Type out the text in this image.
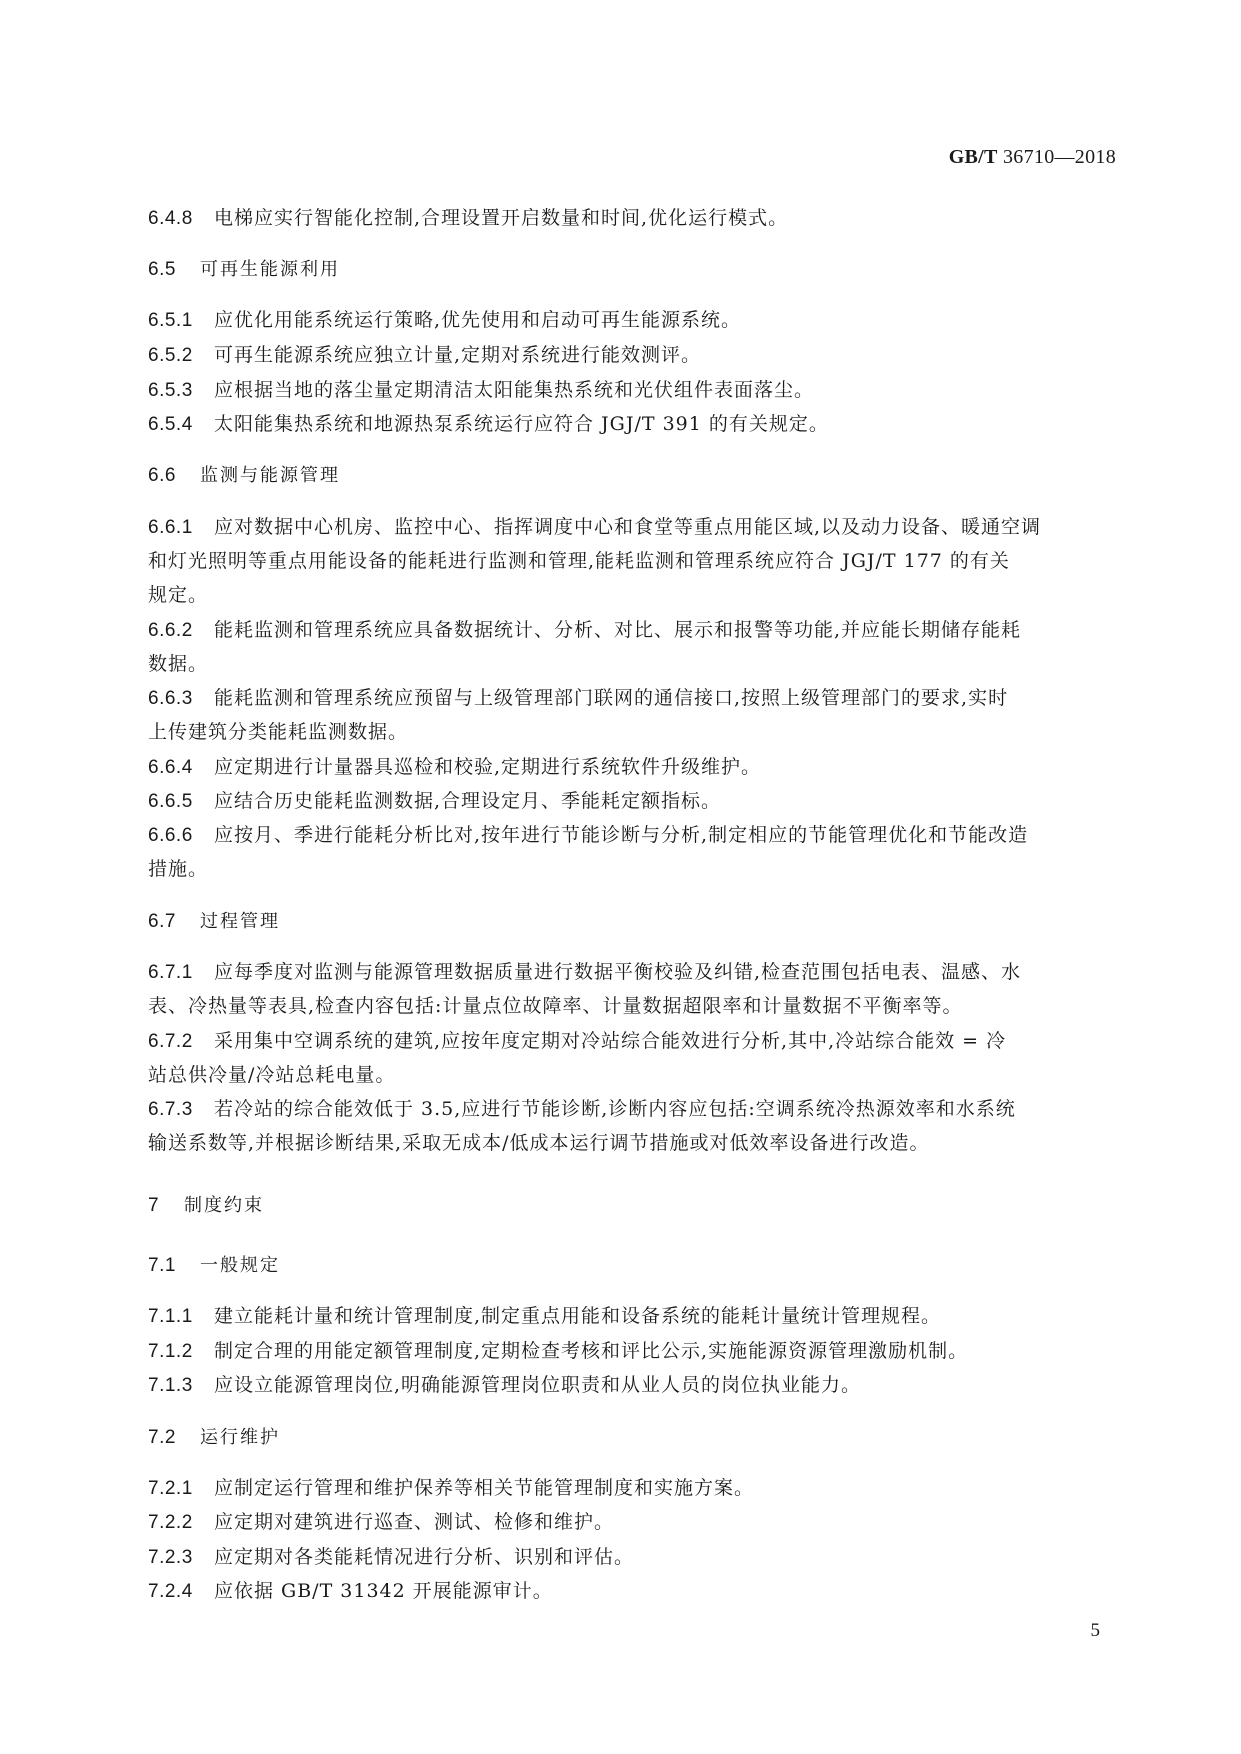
GB/T 36710—2018
6.4.8 电梯应实行智能化控制,合理设置开启数量和时间,优化运行模式。
6.5 可再生能源利用
6.5.1 应优化用能系统运行策略,优先使用和启动可再生能源系统。
6.5.2 可再生能源系统应独立计量,定期对系统进行能效测评。
6.5.3 应根据当地的落尘量定期清洁太阳能集热系统和光伏组件表面落尘。
6.5.4 太阳能集热系统和地源热泵系统运行应符合 JGJ/T 391 的有关规定。
6.6 监测与能源管理
6.6.1 应对数据中心机房、监控中心、指挥调度中心和食堂等重点用能区域,以及动力设备、暖通空调
和灯光照明等重点用能设备的能耗进行监测和管理,能耗监测和管理系统应符合 JGJ/T 177 的有关
规定。
6.6.2 能耗监测和管理系统应具备数据统计、分析、对比、展示和报警等功能,并应能长期储存能耗
数据。
6.6.3 能耗监测和管理系统应预留与上级管理部门联网的通信接口,按照上级管理部门的要求,实时
上传建筑分类能耗监测数据。
6.6.4 应定期进行计量器具巡检和校验,定期进行系统软件升级维护。
6.6.5 应结合历史能耗监测数据,合理设定月、季能耗定额指标。
6.6.6 应按月、季进行能耗分析比对,按年进行节能诊断与分析,制定相应的节能管理优化和节能改造
措施。
6.7 过程管理
6.7.1 应每季度对监测与能源管理数据质量进行数据平衡校验及纠错,检查范围包括电表、温感、水
表、冷热量等表具,检查内容包括:计量点位故障率、计量数据超限率和计量数据不平衡率等。
6.7.2 采用集中空调系统的建筑,应按年度定期对冷站综合能效进行分析,其中,冷站综合能效 = 冷
站总供冷量/冷站总耗电量。
6.7.3 若冷站的综合能效低于 3.5,应进行节能诊断,诊断内容应包括:空调系统冷热源效率和水系统
输送系数等,并根据诊断结果,采取无成本/低成本运行调节措施或对低效率设备进行改造。
7 制度约束
7.1 一般规定
7.1.1 建立能耗计量和统计管理制度,制定重点用能和设备系统的能耗计量统计管理规程。
7.1.2 制定合理的用能定额管理制度,定期检查考核和评比公示,实施能源资源管理激励机制。
7.1.3 应设立能源管理岗位,明确能源管理岗位职责和从业人员的岗位执业能力。
7.2 运行维护
7.2.1 应制定运行管理和维护保养等相关节能管理制度和实施方案。
7.2.2 应定期对建筑进行巡查、测试、检修和维护。
7.2.3 应定期对各类能耗情况进行分析、识别和评估。
7.2.4 应依据 GB/T 31342 开展能源审计。
5
